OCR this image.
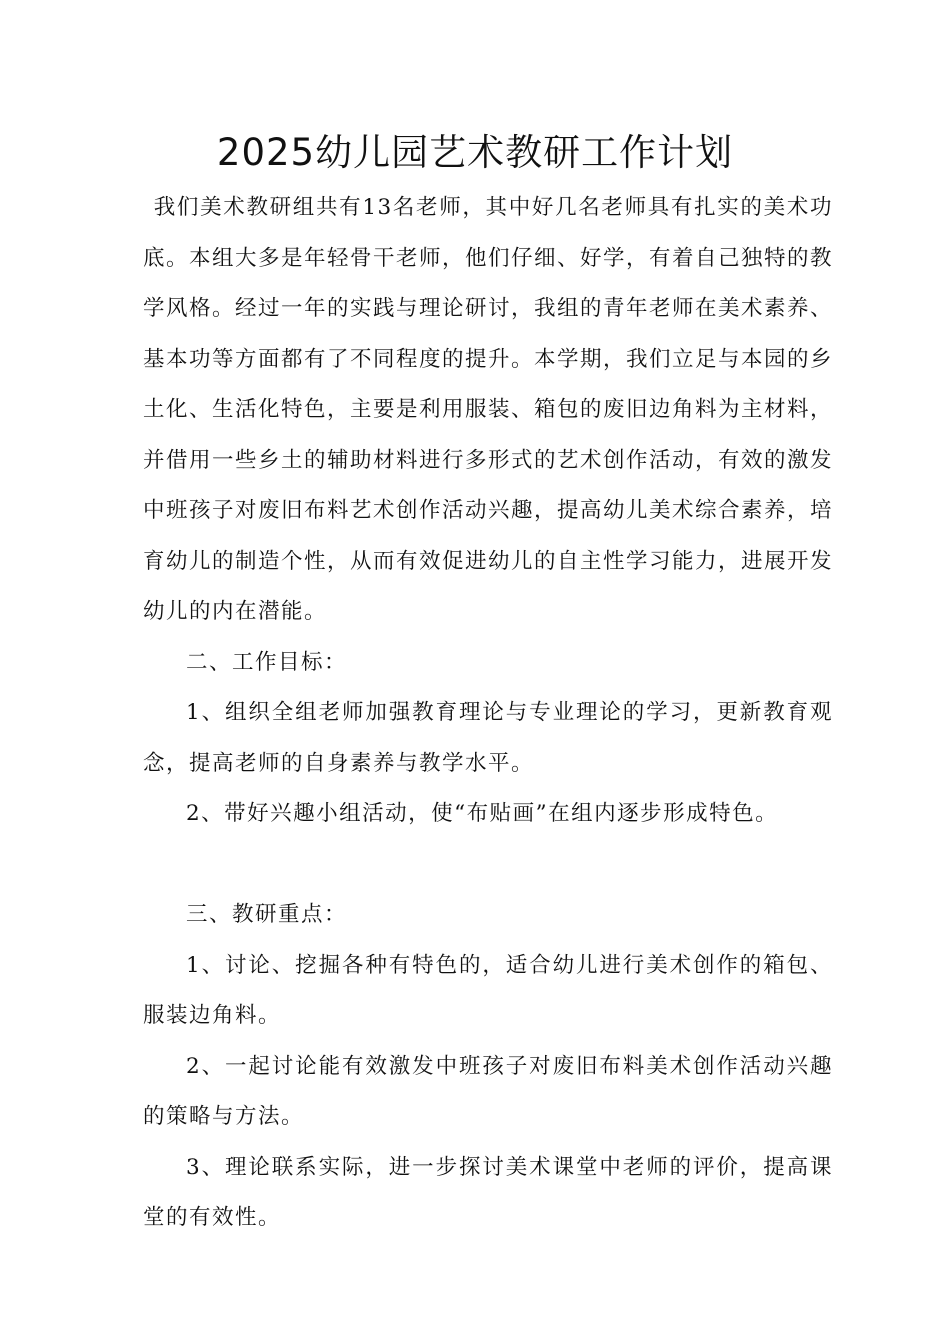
2025幼儿园艺术教研工作计划

我们美术教研组共有13名老师，其中好几名老师具有扎实的美术功底。本组大多是年轻骨干老师，他们仔细、好学，有着自己独特的教学风格。经过一年的实践与理论研讨，我组的青年老师在美术素养、基本功等方面都有了不同程度的提升。本学期，我们立足与本园的乡土化、生活化特色，主要是利用服装、箱包的废旧边角料为主材料，并借用一些乡土的辅助材料进行多形式的艺术创作活动，有效的激发中班孩子对废旧布料艺术创作活动兴趣，提高幼儿美术综合素养，培育幼儿的制造个性，从而有效促进幼儿的自主性学习能力，进展开发幼儿的内在潜能。

二、工作目标：

1、组织全组老师加强教育理论与专业理论的学习，更新教育观念，提高老师的自身素养与教学水平。

2、带好兴趣小组活动，使“布贴画”在组内逐步形成特色。

三、教研重点：

1、讨论、挖掘各种有特色的，适合幼儿进行美术创作的箱包、服装边角料。

2、一起讨论能有效激发中班孩子对废旧布料美术创作活动兴趣的策略与方法。

3、理论联系实际，进一步探讨美术课堂中老师的评价，提高课堂的有效性。
